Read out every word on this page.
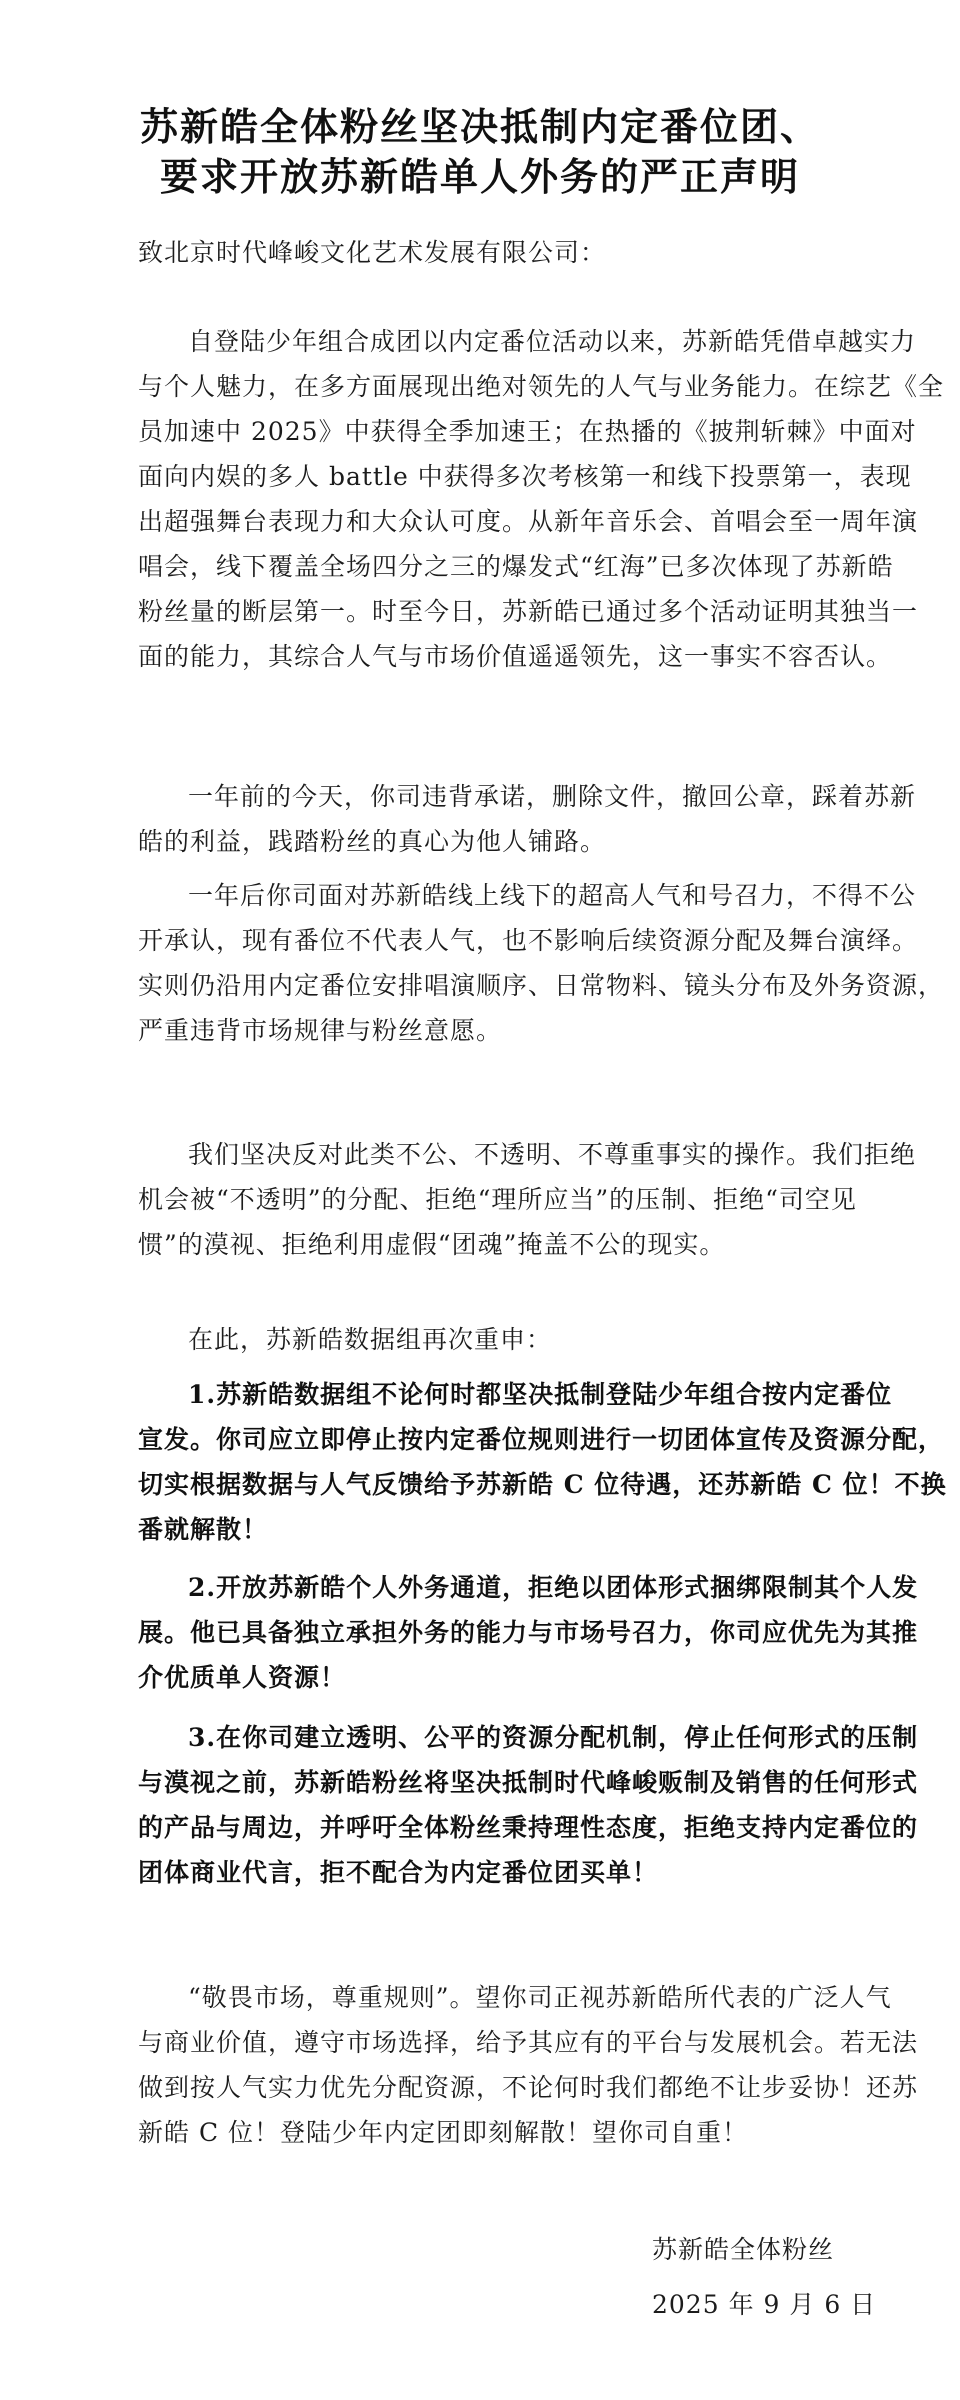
苏新皓全体粉丝坚决抵制内定番位团、
要求开放苏新皓单人外务的严正声明
致北京时代峰峻文化艺术发展有限公司：
自登陆少年组合成团以内定番位活动以来，苏新皓凭借卓越实力
与个人魅力，在多方面展现出绝对领先的人气与业务能力。在综艺《全
员加速中 2025》中获得全季加速王；在热播的《披荆斩棘》中面对
面向内娱的多人 battle 中获得多次考核第一和线下投票第一，表现
出超强舞台表现力和大众认可度。从新年音乐会、首唱会至一周年演
唱会，线下覆盖全场四分之三的爆发式“红海”已多次体现了苏新皓
粉丝量的断层第一。时至今日，苏新皓已通过多个活动证明其独当一
面的能力，其综合人气与市场价值遥遥领先，这一事实不容否认。
一年前的今天，你司违背承诺，删除文件，撤回公章，踩着苏新
皓的利益，践踏粉丝的真心为他人铺路。
一年后你司面对苏新皓线上线下的超高人气和号召力，不得不公
开承认，现有番位不代表人气，也不影响后续资源分配及舞台演绎。
实则仍沿用内定番位安排唱演顺序、日常物料、镜头分布及外务资源，
严重违背市场规律与粉丝意愿。
我们坚决反对此类不公、不透明、不尊重事实的操作。我们拒绝
机会被“不透明”的分配、拒绝“理所应当”的压制、拒绝“司空见
惯”的漠视、拒绝利用虚假“团魂”掩盖不公的现实。
在此，苏新皓数据组再次重申：
1.苏新皓数据组不论何时都坚决抵制登陆少年组合按内定番位
宣发。你司应立即停止按内定番位规则进行一切团体宣传及资源分配，
切实根据数据与人气反馈给予苏新皓 C 位待遇，还苏新皓 C 位！不换
番就解散！
2.开放苏新皓个人外务通道，拒绝以团体形式捆绑限制其个人发
展。他已具备独立承担外务的能力与市场号召力，你司应优先为其推
介优质单人资源！
3.在你司建立透明、公平的资源分配机制，停止任何形式的压制
与漠视之前，苏新皓粉丝将坚决抵制时代峰峻贩制及销售的任何形式
的产品与周边，并呼吁全体粉丝秉持理性态度，拒绝支持内定番位的
团体商业代言，拒不配合为内定番位团买单！
“敬畏市场，尊重规则”。望你司正视苏新皓所代表的广泛人气
与商业价值，遵守市场选择，给予其应有的平台与发展机会。若无法
做到按人气实力优先分配资源，不论何时我们都绝不让步妥协！还苏
新皓 C 位！登陆少年内定团即刻解散！望你司自重！
苏新皓全体粉丝
2025 年 9 月 6 日
